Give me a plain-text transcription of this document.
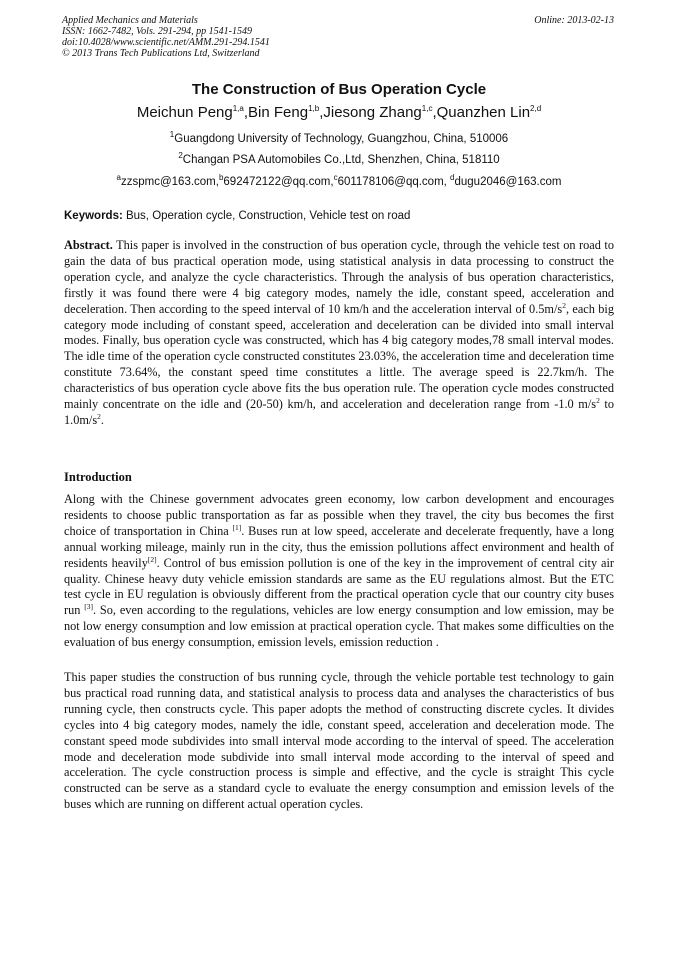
Applied Mechanics and Materials
ISSN: 1662-7482, Vols. 291-294, pp 1541-1549
doi:10.4028/www.scientific.net/AMM.291-294.1541
© 2013 Trans Tech Publications Ltd, Switzerland
Online: 2013-02-13
The Construction of Bus Operation Cycle
Meichun Peng$^{1,a}$,Bin Feng$^{1,b}$,Jiesong Zhang$^{1,c}$,Quanzhen Lin$^{2,d}$
$^1$Guangdong University of Technology, Guangzhou, China, 510006
$^2$Changan PSA Automobiles Co.,Ltd, Shenzhen, China, 518110
$^a$zzspmc@163.com,$^b$692472122@qq.com,$^c$601178106@qq.com, $^d$dugu2046@163.com
Keywords: Bus, Operation cycle, Construction, Vehicle test on road
Abstract. This paper is involved in the construction of bus operation cycle, through the vehicle test on road to gain the data of bus practical operation mode, using statistical analysis in data processing to construct the operation cycle, and analyze the cycle characteristics. Through the analysis of bus operation characteristics, firstly it was found there were 4 big category modes, namely the idle, constant speed, acceleration and deceleration. Then according to the speed interval of 10 km/h and the acceleration interval of $0.5m/s^2$, each big category mode including of constant speed, acceleration and deceleration can be divided into small interval modes. Finally, bus operation cycle was constructed, which has 4 big category modes,78 small interval modes. The idle time of the operation cycle constructed constitutes 23.03%, the acceleration time and deceleration time constitute 73.64%, the constant speed time constitutes a little. The average speed is 22.7km/h. The characteristics of bus operation cycle above fits the bus operation rule. The operation cycle modes constructed mainly concentrate on the idle and (20-50) km/h, and acceleration and deceleration range from -1.0 $m/s^2$ to $1.0m/s^2$.
Introduction
Along with the Chinese government advocates green economy, low carbon development and encourages residents to choose public transportation as far as possible when they travel, the city bus becomes the first choice of transportation in China [1]. Buses run at low speed, accelerate and decelerate frequently, have a long annual working mileage, mainly run in the city, thus the emission pollutions affect environment and health of residents heavily[2]. Control of bus emission pollution is one of the key in the improvement of central city air quality. Chinese heavy duty vehicle emission standards are same as the EU regulations almost. But the ETC test cycle in EU regulation is obviously different from the practical operation cycle that our country city buses run [3]. So, even according to the regulations, vehicles are low energy consumption and low emission, may be not low energy consumption and low emission at practical operation cycle. That makes some difficulties on the evaluation of bus energy consumption, emission levels, emission reduction .
This paper studies the construction of bus running cycle, through the vehicle portable test technology to gain bus practical road running data, and statistical analysis to process data and analyses the characteristics of bus running cycle, then constructs cycle. This paper adopts the method of constructing discrete cycles. It divides cycles into 4 big category modes, namely the idle, constant speed, acceleration and deceleration mode. The constant speed mode subdivides into small interval mode according to the interval of speed. The acceleration mode and deceleration mode subdivide into small interval mode according to the interval of speed and acceleration. The cycle construction process is simple and effective, and the cycle is straight This cycle constructed can be serve as a standard cycle to evaluate the energy consumption and emission levels of the buses which are running on different actual operation cycles.
